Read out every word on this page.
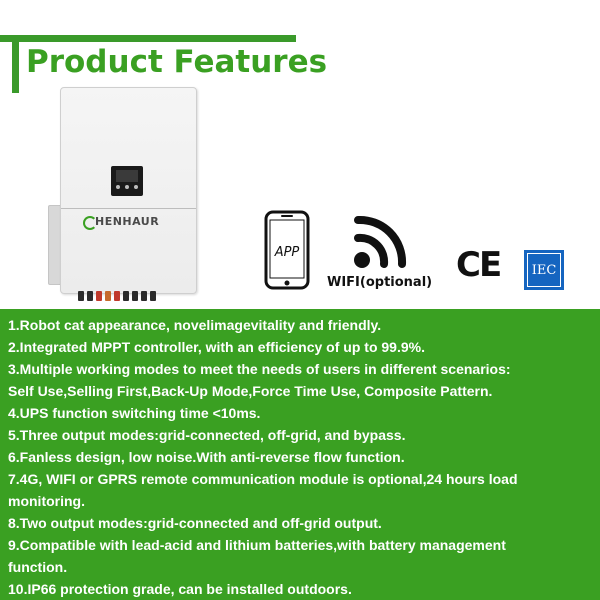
Product Features
HENHAUR
APP
WIFI(optional) CE	IEC
1.Robot cat appearance, novelimagevitality and friendly.
2.Integrated MPPT controller, with an efficiency of up to 99.9%.
3.Multiple working modes to meet the needs of users in different scenarios:
Self Use,Selling First,Back-Up Mode,Force Time Use, Composite Pattern.
4.UPS function switching time <10ms.
5.Three output modes:grid-connected, off-grid, and bypass.
6.Fanless design, low noise.With anti-reverse flow function.
7.4G, WIFI or GPRS remote communication module is optional,24 hours load
monitoring.
8.Two output modes:grid-connected and off-grid output.
9.Compatible with lead-acid and lithium batteries,with battery management
function.
10.IP66 protection grade, can be installed outdoors.
